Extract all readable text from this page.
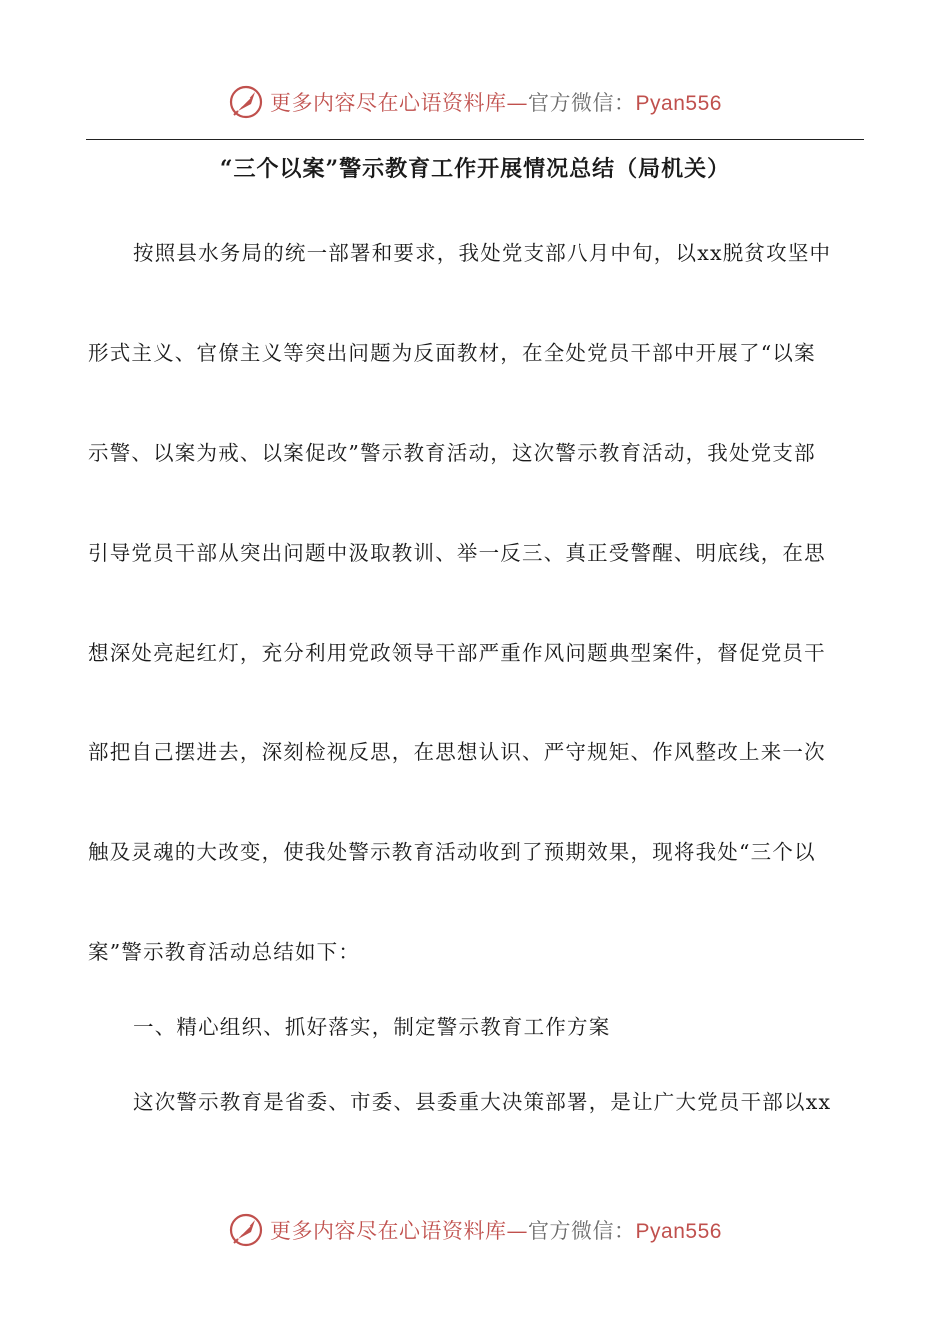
更多内容尽在心语资料库—官方微信：Pyan556
“三个以案”警示教育工作开展情况总结（局机关）
按照县水务局的统一部署和要求，我处党支部八月中旬，以xx脱贫攻坚中
形式主义、官僚主义等突出问题为反面教材，在全处党员干部中开展了“以案
示警、以案为戒、以案促改”警示教育活动，这次警示教育活动，我处党支部
引导党员干部从突出问题中汲取教训、举一反三、真正受警醒、明底线，在思
想深处亮起红灯，充分利用党政领导干部严重作风问题典型案件，督促党员干
部把自己摆进去，深刻检视反思，在思想认识、严守规矩、作风整改上来一次
触及灵魂的大改变，使我处警示教育活动收到了预期效果，现将我处“三个以
案”警示教育活动总结如下：
一、精心组织、抓好落实，制定警示教育工作方案
这次警示教育是省委、市委、县委重大决策部署，是让广大党员干部以xx
更多内容尽在心语资料库—官方微信：Pyan556
